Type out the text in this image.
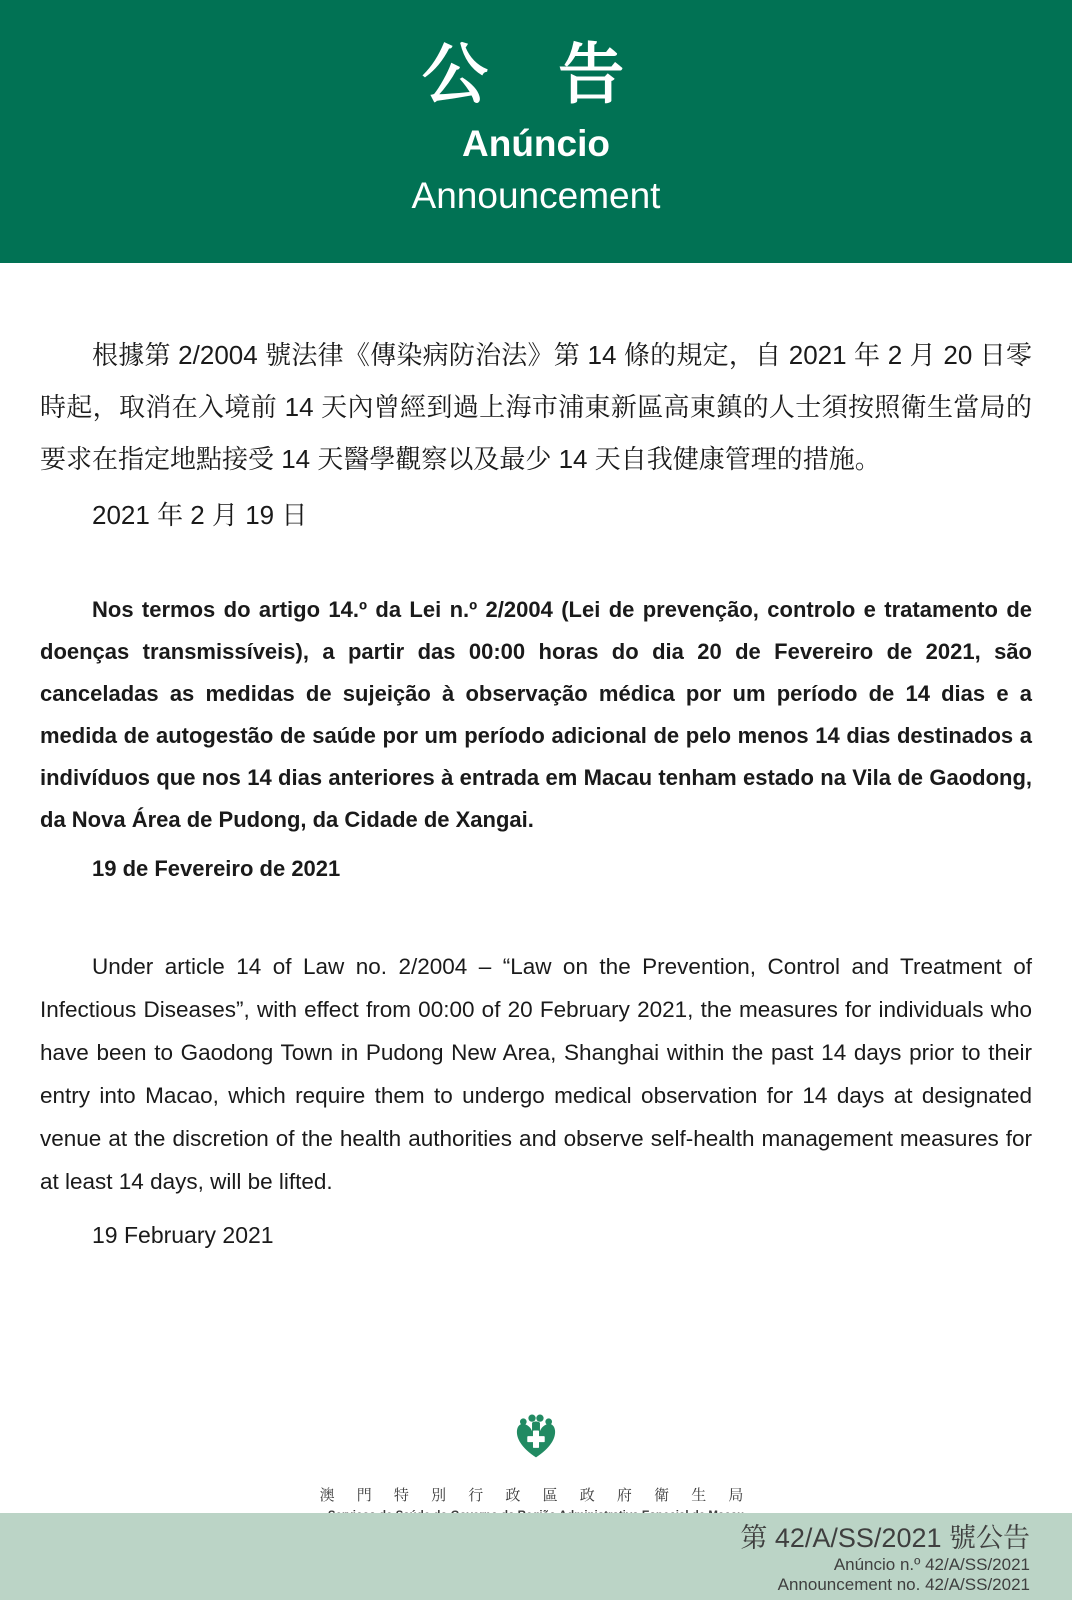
公 告
Anúncio
Announcement
根據第 2/2004 號法律《傳染病防治法》第 14 條的規定，自 2021 年 2 月 20 日零時起，取消在入境前 14 天內曾經到過上海市浦東新區高東鎮的人士須按照衛生當局的要求在指定地點接受 14 天醫學觀察以及最少 14 天自我健康管理的措施。
2021 年 2 月 19 日
Nos termos do artigo 14.º da Lei n.º 2/2004 (Lei de prevenção, controlo e tratamento de doenças transmissíveis), a partir das 00:00 horas do dia 20 de Fevereiro de 2021, são canceladas as medidas de sujeição à observação médica por um período de 14 dias e a medida de autogestão de saúde por um período adicional de pelo menos 14 dias destinados a indivíduos que nos 14 dias anteriores à entrada em Macau tenham estado na Vila de Gaodong, da Nova Área de Pudong, da Cidade de Xangai.
19 de Fevereiro de 2021
Under article 14 of Law no. 2/2004 – “Law on the Prevention, Control and Treatment of Infectious Diseases”, with effect from 00:00 of 20 February 2021, the measures for individuals who have been to Gaodong Town in Pudong New Area, Shanghai within the past 14 days prior to their entry into Macao, which require them to undergo medical observation for 14 days at designated venue at the discretion of the health authorities and observe self-health management measures for at least 14 days, will be lifted.
19 February 2021
澳 門 特 別 行 政 區 政 府 衛 生 局
第 42/A/SS/2021 號公告
Anúncio n.º 42/A/SS/2021
Announcement no. 42/A/SS/2021
